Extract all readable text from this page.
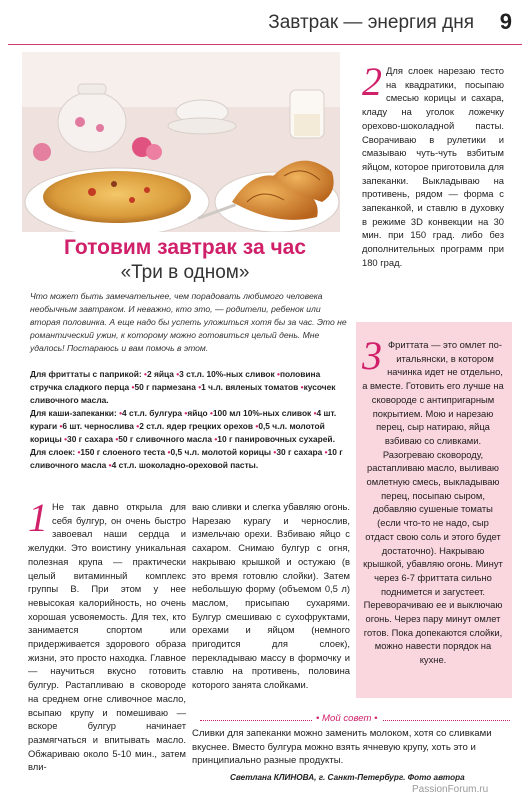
Завтрак — энергия дня 9
Готовим завтрак за час
«Три в одном»
Что может быть замечательнее, чем порадовать любимого человека необычным завтраком. И неважно, кто это, — родители, ребенок или вторая половинка. А еще надо бы успеть уложиться хотя бы за час. Это не романтический ужин, к которому можно готовиться целый день. Мне удалось! Постараюсь и вам помочь в этом.
Для фриттаты с паприкой: •2 яйца •3 ст.л. 10%-ных сливок •половина стручка сладкого перца •50 г пармезана •1 ч.л. вяленых томатов •кусочек сливочного масла.
Для каши-запеканки: •4 ст.л. булгура •яйцо •100 мл 10%-ных сливок •4 шт. кураги •6 шт. чернослива •2 ст.л. ядер грецких орехов •0,5 ч.л. молотой корицы •30 г сахара •50 г сливочного масла •10 г панировочных сухарей.
Для слоек: •150 г слоеного теста •0,5 ч.л. молотой корицы •30 г сахара •10 г сливочного масла •4 ст.л. шоколадно-ореховой пасты.
1 Не так давно открыла для себя булгур, он очень быстро завоевал наши сердца и желудки. Это воистину уникальная полезная крупа — практически целый витаминный комплекс группы В. При этом у нее невысокая калорийность, но очень хорошая усвояемость. Для тех, кто занимается спортом или придерживается здорового образа жизни, это просто находка. Главное — научиться вкусно готовить булгур. Растапливаю в сковороде на среднем огне сливочное масло, всыпаю крупу и помешиваю — вскоре булгур начинает размягчаться и впитывать масло. Обжариваю около 5-10 мин., затем вли-
ваю сливки и слегка убавляю огонь. Нарезаю курагу и чернослив, измельчаю орехи. Взбиваю яйцо с сахаром. Снимаю булгур с огня, накрываю крышкой и остужаю (в это время готовлю слойки). Затем небольшую форму (объемом 0,5 л) маслом, присыпаю сухарями. Булгур смешиваю с сухофруктами, орехами и яйцом (немного пригодится для слоек), перекладываю массу в формочку и ставлю на противень, половина которого занята слойками.
2 Для слоек нарезаю тесто на квадратики, посыпаю смесью корицы и сахара, кладу на уголок ложечку орехово-шоколадной пасты. Сворачиваю в рулетики и смазываю чуть-чуть взбитым яйцом, которое приготовила для запеканки. Выкладываю на противень, рядом — форма с запеканкой, и ставлю в духовку в режиме 3D конвекции на 30 мин. при 150 град. либо без дополнительных программ при 180 град.
3 Фриттата — это омлет по-итальянски, в котором начинка идет не отдельно, а вместе. Готовить его лучше на сковороде с антипригарным покрытием. Мою и нарезаю перец, сыр натираю, яйца взбиваю со сливками. Разогреваю сковороду, растапливаю масло, выливаю омлетную смесь, выкладываю перец, посыпаю сыром, добавляю сушеные томаты (если что-то не надо, сыр отдаст свою соль и этого будет достаточно). Накрываю крышкой, убавляю огонь. Минут через 6-7 фриттата сильно поднимется и загустеет. Переворачиваю ее и выключаю огонь. Через пару минут омлет готов. Пока допекаются слойки, можно навести порядок на кухне.
• Мой совет •
Сливки для запеканки можно заменить молоком, хотя со сливками вкуснее. Вместо булгура можно взять ячневую крупу, хоть это и принципиально разные продукты.
Светлана КЛИНОВА, г. Санкт-Петербург. Фото автора
PassionForum.ru
